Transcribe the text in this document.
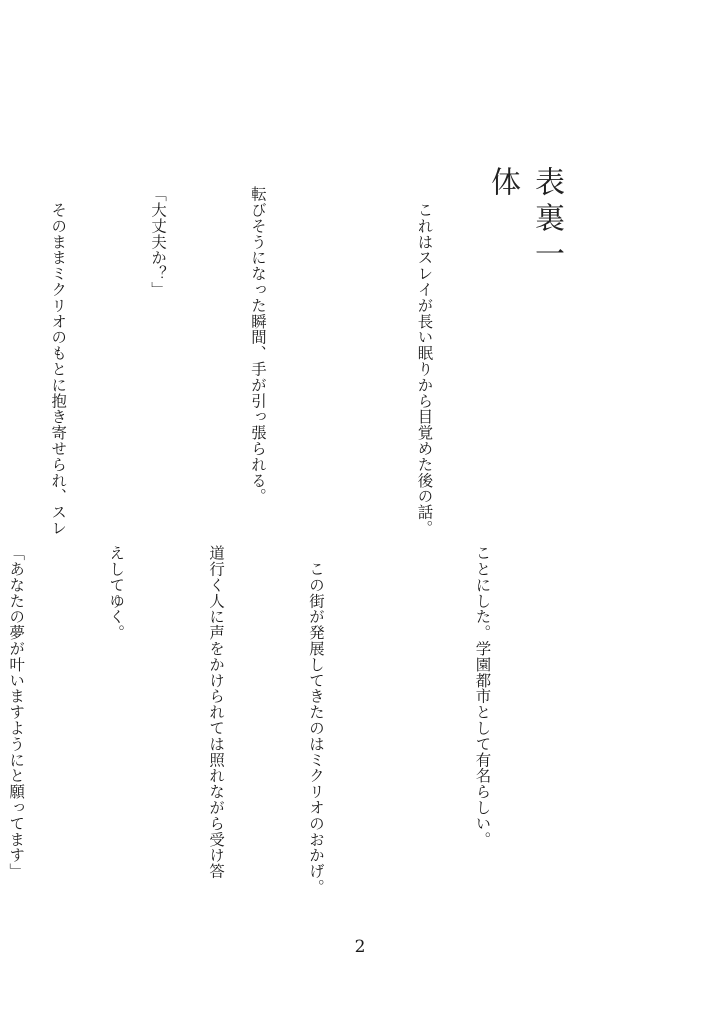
表裏一体

　これはスレイが長い眠りから目覚めた後の話。

転びそうになった瞬間、手が引っ張られる。

「大丈夫か？」

　そのままミクリオのもとに抱き寄せられ、スレ

ことにした。学園都市として有名らしい。

　この街が発展してきたのはミクリオのおかげ。

道行く人に声をかけられては照れながら受け答

えしてゆく。

「あなたの夢が叶いますようにと願ってます」

2
